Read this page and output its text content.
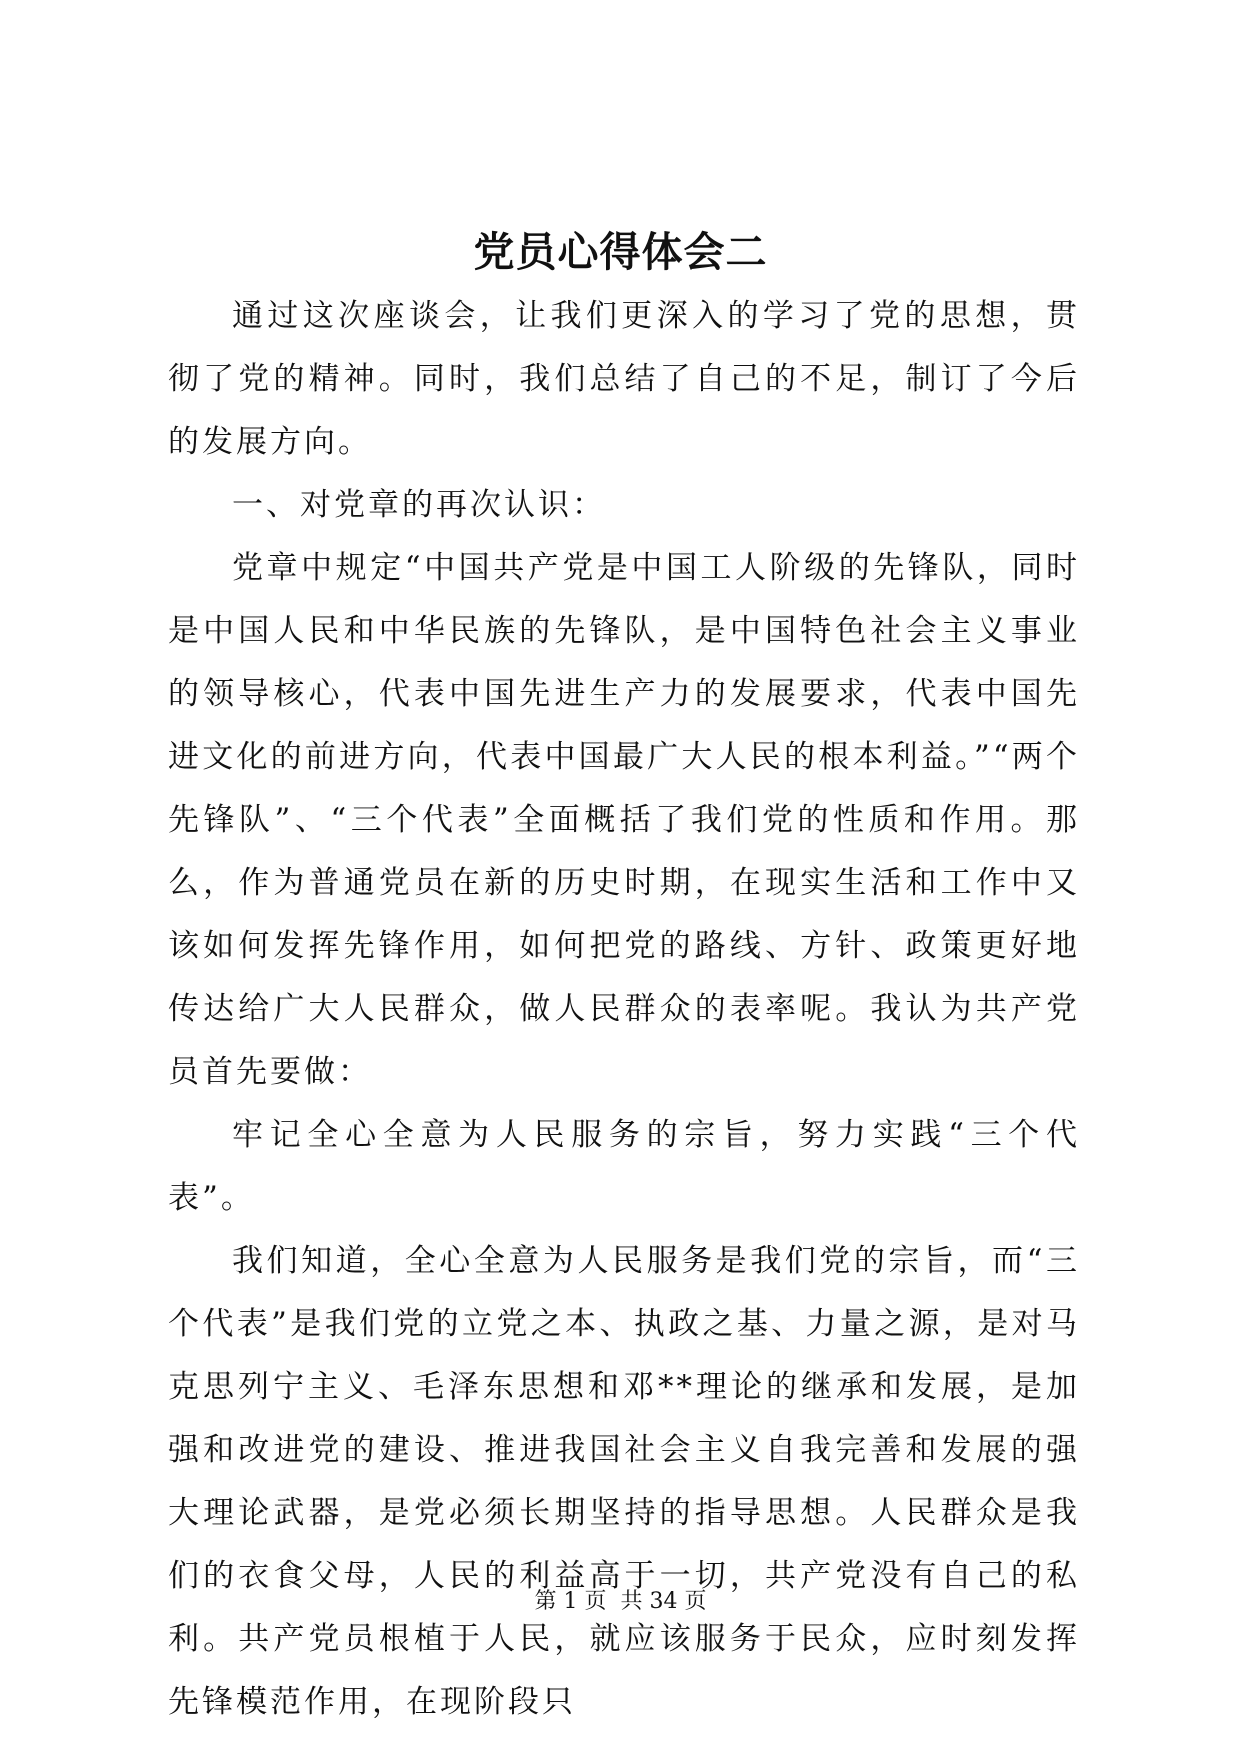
党员心得体会二

通过这次座谈会，让我们更深入的学习了党的思想，贯彻了党的精神。同时，我们总结了自己的不足，制订了今后的发展方向。

一、对党章的再次认识：

党章中规定“中国共产党是中国工人阶级的先锋队，同时是中国人民和中华民族的先锋队，是中国特色社会主义事业的领导核心，代表中国先进生产力的发展要求，代表中国先进文化的前进方向，代表中国最广大人民的根本利益。”“两个先锋队”、“三个代表”全面概括了我们党的性质和作用。那么，作为普通党员在新的历史时期，在现实生活和工作中又该如何发挥先锋作用，如何把党的路线、方针、政策更好地传达给广大人民群众，做人民群众的表率呢。我认为共产党员首先要做：

牢记全心全意为人民服务的宗旨，努力实践“三个代表”。

我们知道，全心全意为人民服务是我们党的宗旨，而“三个代表”是我们党的立党之本、执政之基、力量之源，是对马克思列宁主义、毛泽东思想和邓**理论的继承和发展，是加强和改进党的建设、推进我国社会主义自我完善和发展的强大理论武器，是党必须长期坚持的指导思想。人民群众是我们的衣食父母，人民的利益高于一切，共产党没有自己的私利。共产党员根植于人民，就应该服务于民众，应时刻发挥先锋模范作用，在现阶段只

第 1 页 共 34 页
